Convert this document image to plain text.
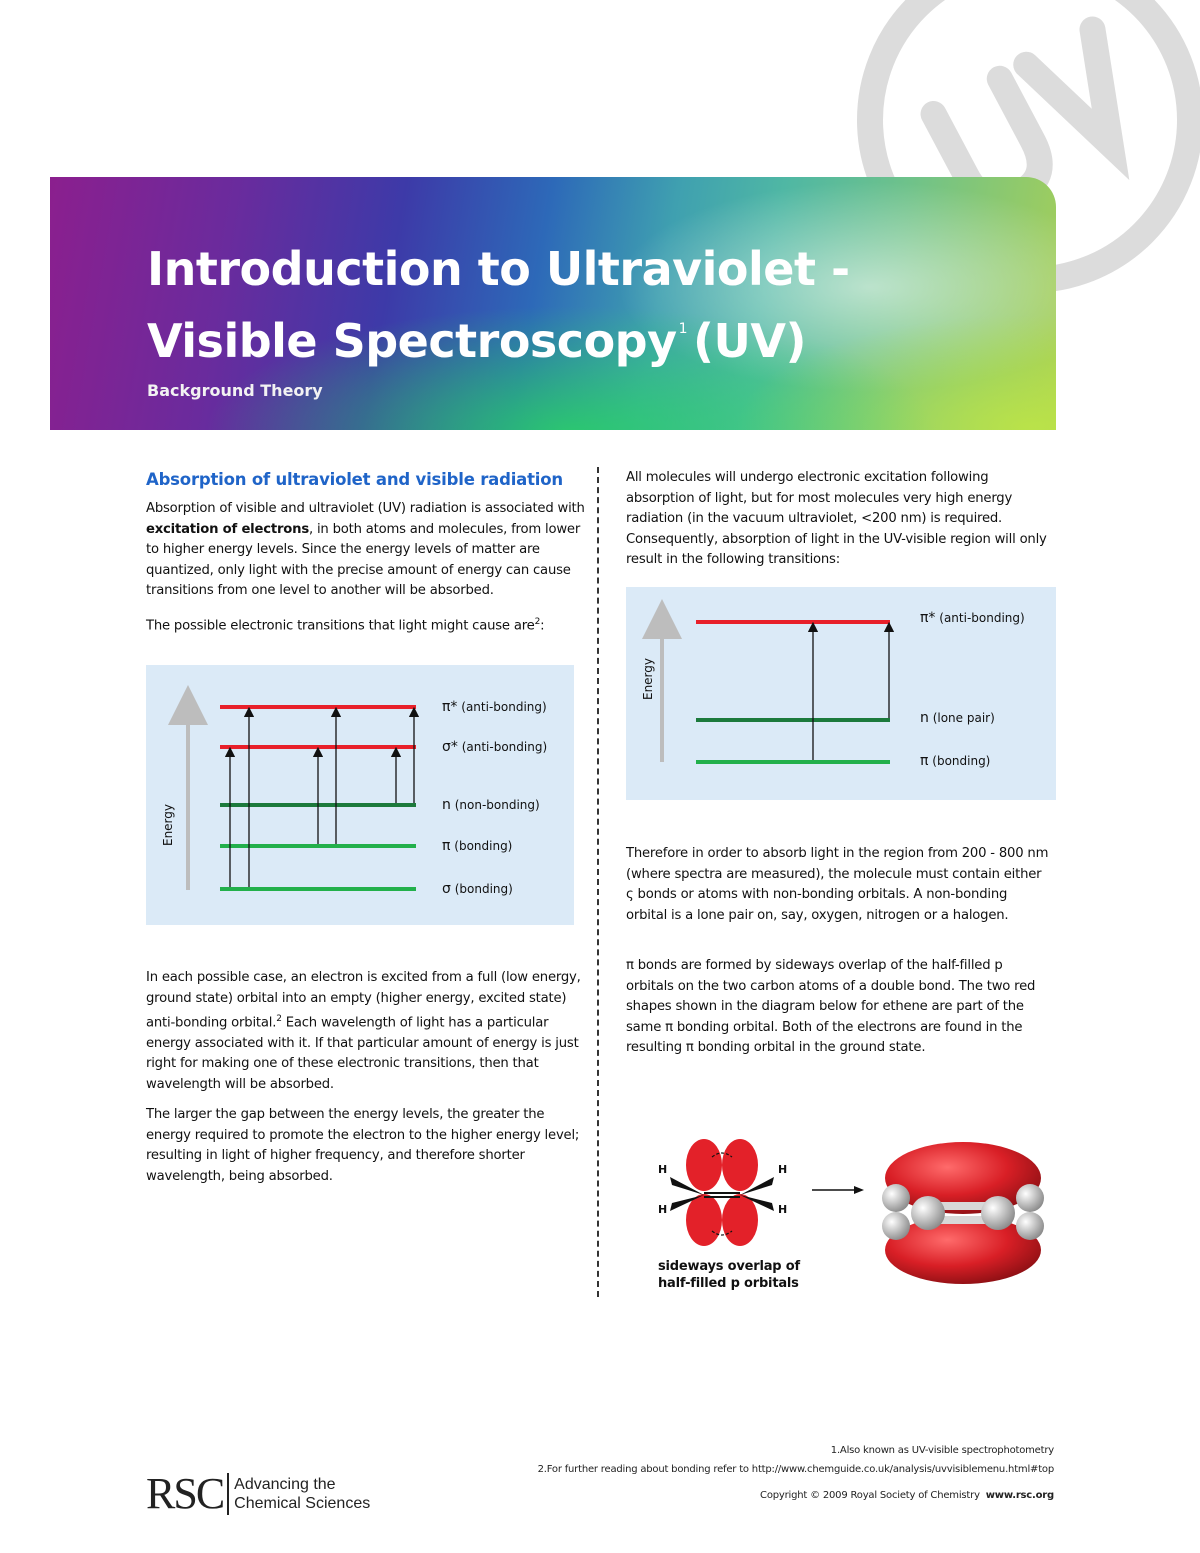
Introduction to Ultraviolet -
Visible Spectroscopy $^1$ (UV)

Background Theory

Absorption of ultraviolet and visible radiation

Absorption of visible and ultraviolet (UV) radiation is associated with excitation of electrons, in both atoms and molecules, from lower to higher energy levels. Since the energy levels of matter are quantized, only light with the precise amount of energy can cause transitions from one level to another will be absorbed.

The possible electronic transitions that light might cause are$^2$:

Energy
π* (anti-bonding)
σ* (anti-bonding)
n (non-bonding)
π (bonding)
σ (bonding)

In each possible case, an electron is excited from a full (low energy, ground state) orbital into an empty (higher energy, excited state) anti-bonding orbital.$^2$ Each wavelength of light has a particular energy associated with it. If that particular amount of energy is just right for making one of these electronic transitions, then that wavelength will be absorbed.

The larger the gap between the energy levels, the greater the energy required to promote the electron to the higher energy level; resulting in light of higher frequency, and therefore shorter wavelength, being absorbed.

All molecules will undergo electronic excitation following absorption of light, but for most molecules very high energy radiation (in the vacuum ultraviolet, <200 nm) is required. Consequently, absorption of light in the UV-visible region will only result in the following transitions:

Energy
π* (anti-bonding)
n (lone pair)
π (bonding)

Therefore in order to absorb light in the region from 200 - 800 nm (where spectra are measured), the molecule must contain either ς bonds or atoms with non-bonding orbitals. A non-bonding orbital is a lone pair on, say, oxygen, nitrogen or a halogen.

π bonds are formed by sideways overlap of the half-filled p orbitals on the two carbon atoms of a double bond. The two red shapes shown in the diagram below for ethene are part of the same π bonding orbital. Both of the electrons are found in the resulting π bonding orbital in the ground state.

H
H
H
H
sideways overlap of
half-filled p orbitals
RSC Advancing the
Chemical Sciences
1.Also known as UV-visible spectrophotometry
2.For further reading about bonding refer to http://www.chemguide.co.uk/analysis/uvvisiblemenu.html#top
Copyright © 2009 Royal Society of Chemistry www.rsc.org
